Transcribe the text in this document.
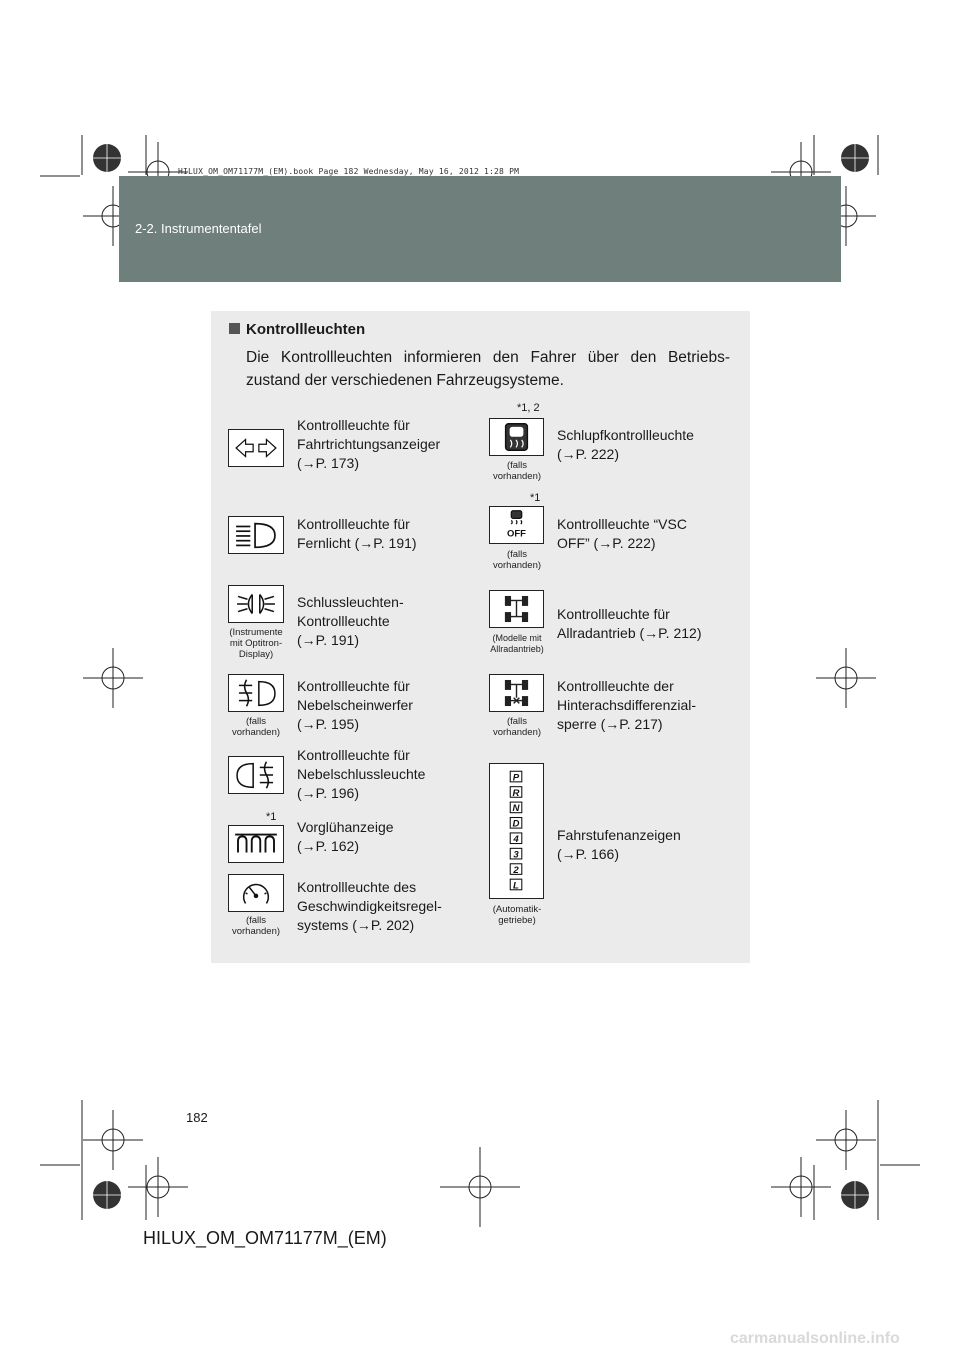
2-2. Instrumententafel
HILUX_OM_OM71177M_(EM).book Page 182 Wednesday, May 16, 2012 1:28 PM
Kontrollleuchten
Die Kontrollleuchten informieren den Fahrer über den Betriebs-zustand der verschiedenen Fahrzeugsysteme.
Kontrollleuchte für
Fahrtrichtungsanzeiger
(→P. 173)
Kontrollleuchte für
Fernlicht (→P. 191)
(Instrumente mit Optitron-Display)
Schlussleuchten-
Kontrollleuchte
(→P. 191)
(falls vorhanden)
Kontrollleuchte für
Nebelscheinwerfer
(→P. 195)
Kontrollleuchte für
Nebelschlussleuchte
(→P. 196)
*1
Vorglühanzeige
(→P. 162)
(falls vorhanden)
Kontrollleuchte des
Geschwindigkeitsregel-
systems (→P. 202)
*1, 2
(falls vorhanden)
Schlupfkontrollleuchte
(→P. 222)
*1
OFF
(falls vorhanden)
Kontrollleuchte “VSC
OFF” (→P. 222)
(Modelle mit Allradantrieb)
Kontrollleuchte für
Allradantrieb (→P. 212)
(falls vorhanden)
Kontrollleuchte der
Hinterachsdifferenzial-
sperre (→P. 217)
P
R
N
D
4
3
2
L
(Automatik-getriebe)
Fahrstufenanzeigen
(→P. 166)
182
HILUX_OM_OM71177M_(EM)
carmanualsonline.info
